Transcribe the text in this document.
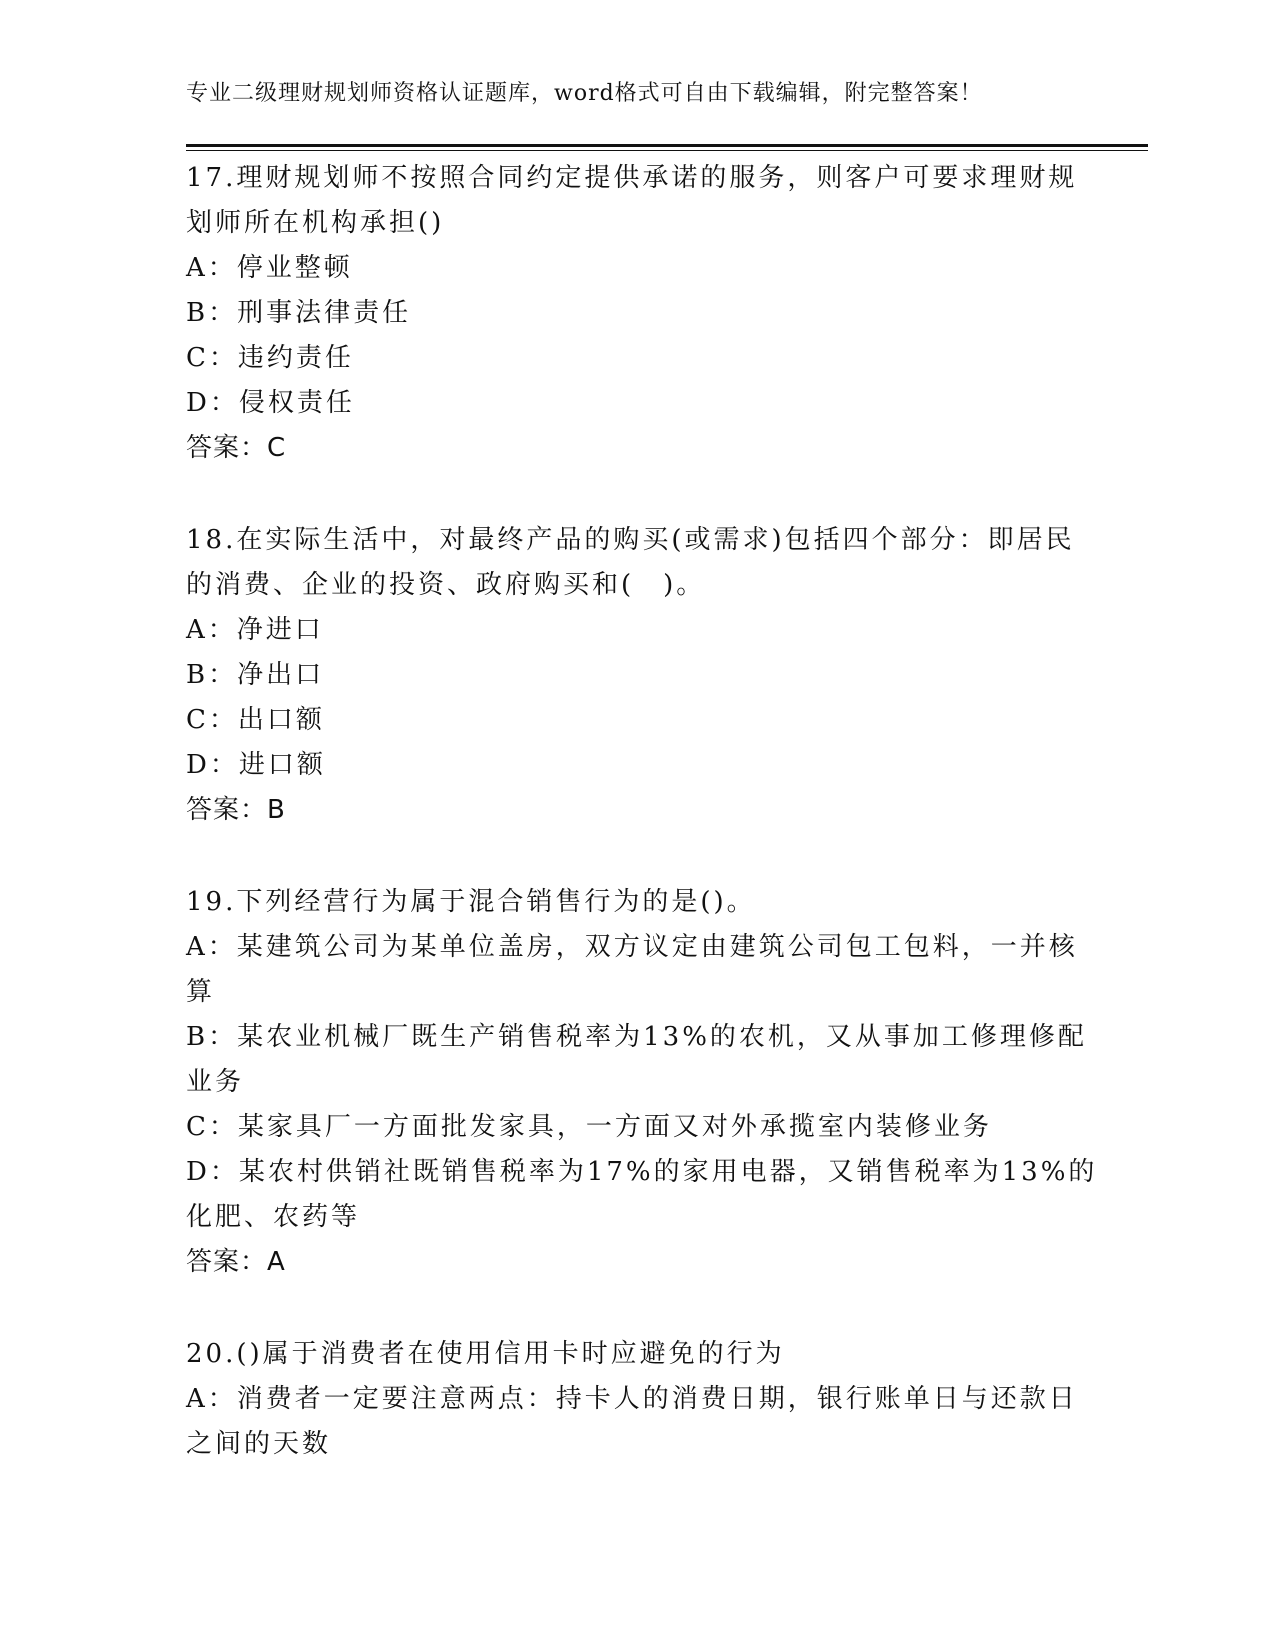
专业二级理财规划师资格认证题库，word格式可自由下载编辑，附完整答案！
17.理财规划师不按照合同约定提供承诺的服务，则客户可要求理财规
划师所在机构承担()
A：停业整顿
B：刑事法律责任
C：违约责任
D：侵权责任
答案：C
18.在实际生活中，对最终产品的购买(或需求)包括四个部分：即居民
的消费、企业的投资、政府购买和(　)。
A：净进口
B：净出口
C：出口额
D：进口额
答案：B
19.下列经营行为属于混合销售行为的是()。
A：某建筑公司为某单位盖房，双方议定由建筑公司包工包料，一并核
算
B：某农业机械厂既生产销售税率为13%的农机，又从事加工修理修配
业务
C：某家具厂一方面批发家具，一方面又对外承揽室内装修业务
D：某农村供销社既销售税率为17%的家用电器，又销售税率为13%的
化肥、农药等
答案：A
20.()属于消费者在使用信用卡时应避免的行为
A：消费者一定要注意两点：持卡人的消费日期，银行账单日与还款日
之间的天数
